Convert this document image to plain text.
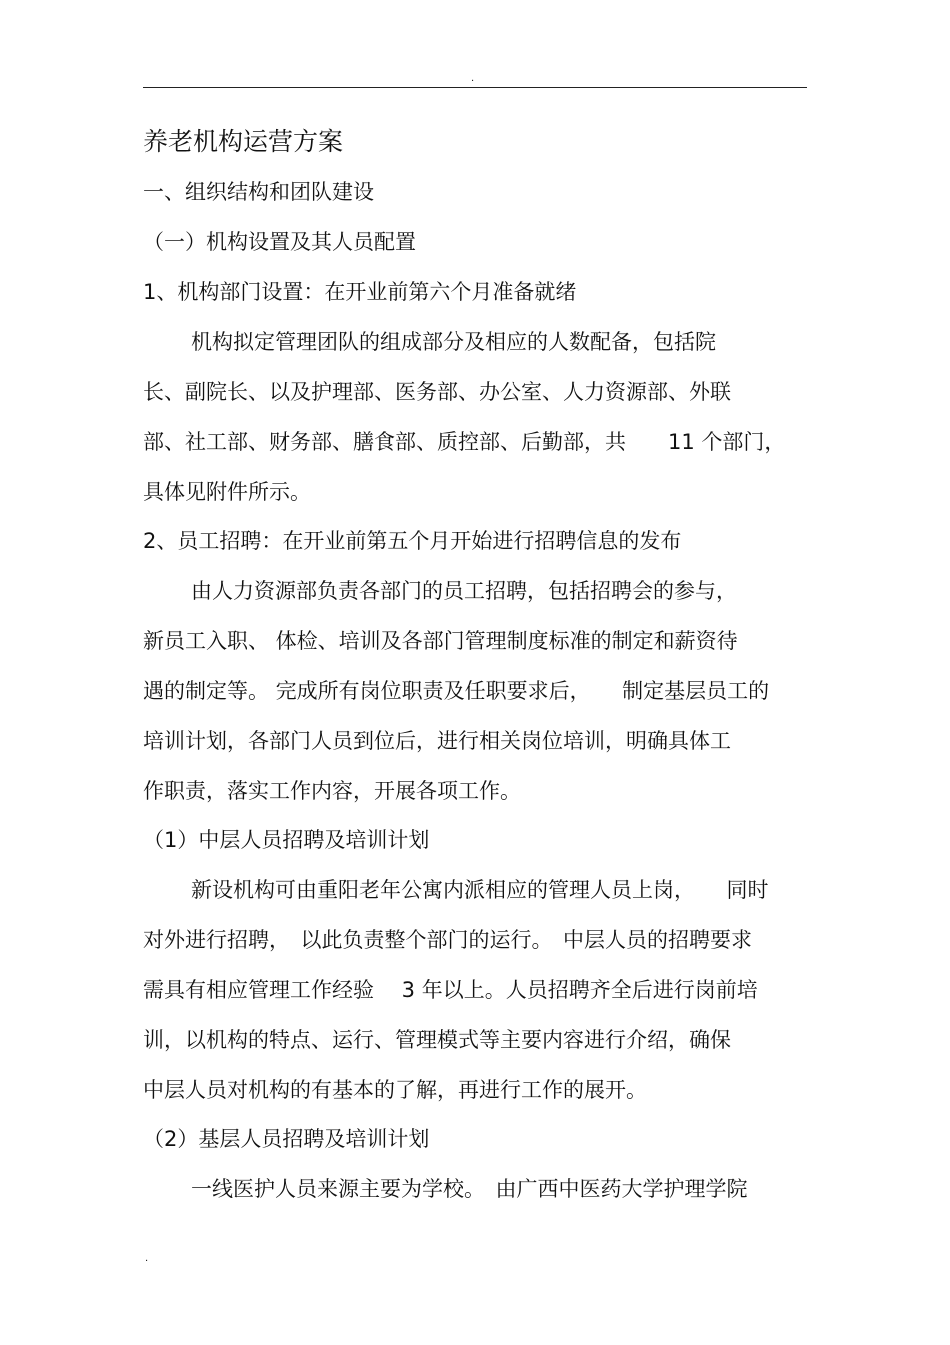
.
养老机构运营方案
一、组织结构和团队建设
（一）机构设置及其人员配置
1、机构部门设置：在开业前第六个月准备就绪
机构拟定管理团队的组成部分及相应的人数配备，包括院
长、副院长、以及护理部、医务部、办公室、人力资源部、外联
部、社工部、财务部、膳食部、质控部、后勤部，共　　11 个部门，
具体见附件所示。
2、员工招聘：在开业前第五个月开始进行招聘信息的发布
由人力资源部负责各部门的员工招聘，包括招聘会的参与，
新员工入职、 体检、培训及各部门管理制度标准的制定和薪资待
遇的制定等。 完成所有岗位职责及任职要求后，　　制定基层员工的
培训计划，各部门人员到位后，进行相关岗位培训，明确具体工
作职责，落实工作内容，开展各项工作。
（1）中层人员招聘及培训计划
新设机构可由重阳老年公寓内派相应的管理人员上岗，　　同时
对外进行招聘，　以此负责整个部门的运行。　中层人员的招聘要求
需具有相应管理工作经验　 3 年以上。人员招聘齐全后进行岗前培
训，以机构的特点、运行、管理模式等主要内容进行介绍，确保
中层人员对机构的有基本的了解，再进行工作的展开。
（2）基层人员招聘及培训计划
一线医护人员来源主要为学校。　由广西中医药大学护理学院
.
